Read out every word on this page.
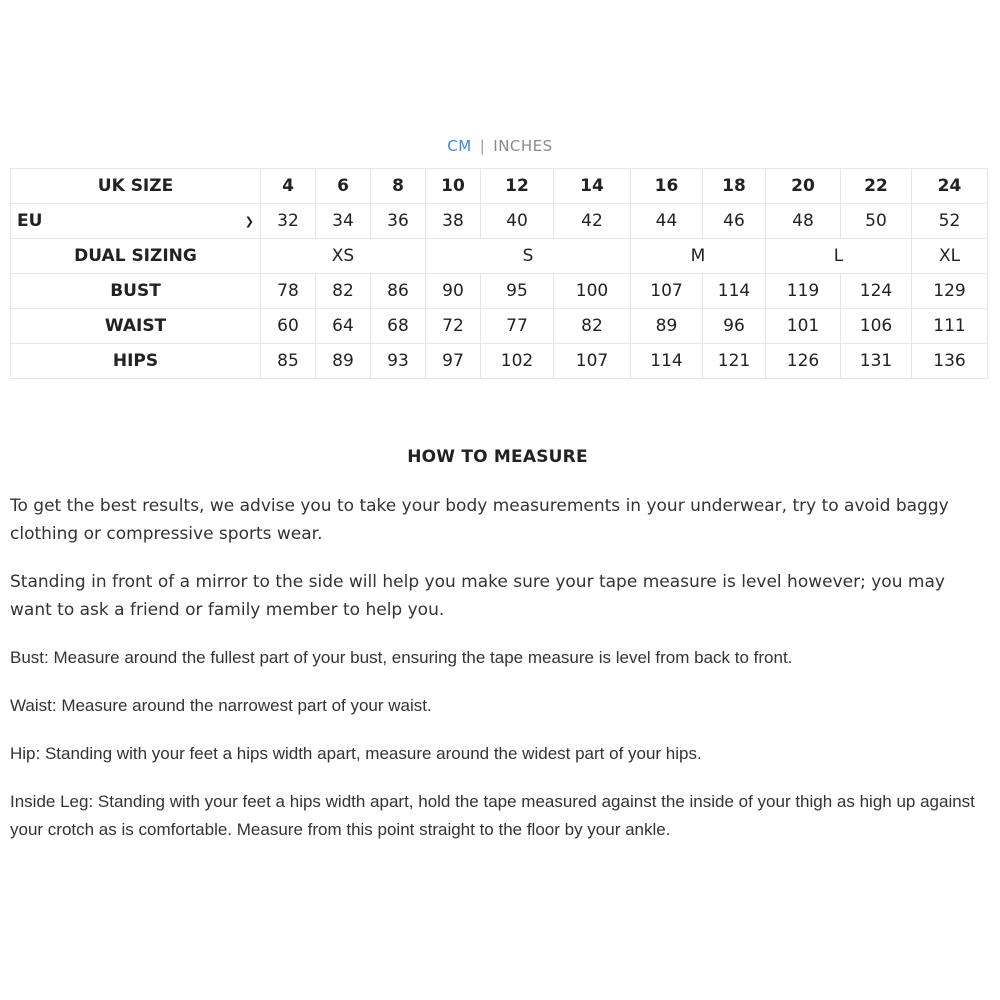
CM | INCHES
UK SIZE	4	6	8	10	12	14	16	18	20	22	24

EU ❯	32	34	36	38	40	42	44	46	48	50	52
DUAL SIZING	XS			S			M		L		XL
BUST	78	82	86	90	95	100	107	114	119	124	129
WAIST	60	64	68	72	77	82	89	96	101	106	111
HIPS	85	89	93	97	102	107	114	121	126	131	136
HOW TO MEASURE

To get the best results, we advise you to take your body measurements in your underwear, try to avoid baggy clothing or compressive sports wear.

Standing in front of a mirror to the side will help you make sure your tape measure is level however; you may want to ask a friend or family member to help you.

Bust: Measure around the fullest part of your bust, ensuring the tape measure is level from back to front.

Waist: Measure around the narrowest part of your waist.

Hip: Standing with your feet a hips width apart, measure around the widest part of your hips.

Inside Leg: Standing with your feet a hips width apart, hold the tape measured against the inside of your thigh as high up against your crotch as is comfortable. Measure from this point straight to the floor by your ankle.
